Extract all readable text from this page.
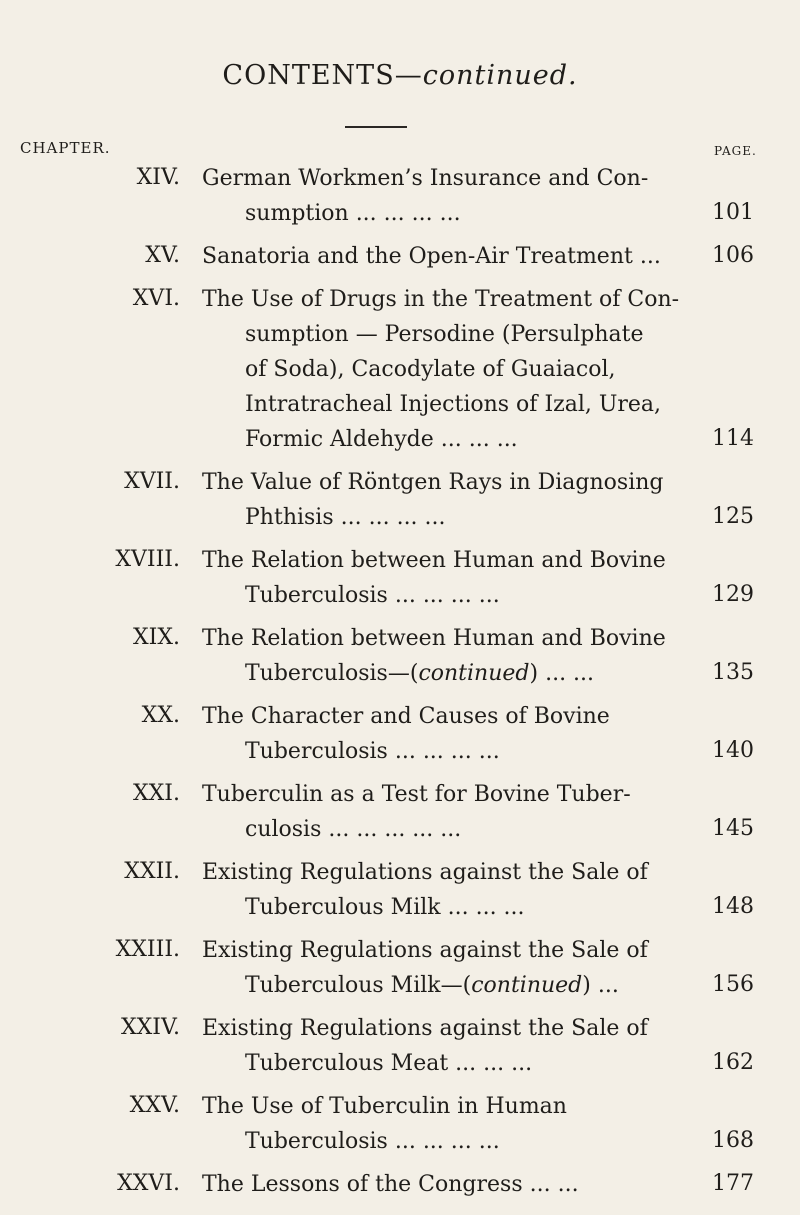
CONTENTS—continued.
CHAPTER.	PAGE.
XIV. German Workmen’s Insurance and Con-
sumption ... ... ... ...	101
XV. Sanatoria and the Open-Air Treatment ...	106
XVI. The Use of Drugs in the Treatment of Con-
sumption — Persodine (Persulphate
of Soda), Cacodylate of Guaiacol,
Intratracheal Injections of Izal, Urea,
Formic Aldehyde ... ... ...	114
XVII. The Value of Röntgen Rays in Diagnosing
Phthisis ... ... ... ...	125
XVIII. The Relation between Human and Bovine
Tuberculosis ... ... ... ...	129
XIX. The Relation between Human and Bovine
Tuberculosis—(continued) ... ...	135
XX. The Character and Causes of Bovine
Tuberculosis ... ... ... ...	140
XXI. Tuberculin as a Test for Bovine Tuber-
culosis ... ... ... ... ...	145
XXII. Existing Regulations against the Sale of
Tuberculous Milk ... ... ...	148
XXIII. Existing Regulations against the Sale of
Tuberculous Milk—(continued) ...	156
XXIV. Existing Regulations against the Sale of
Tuberculous Meat ... ... ...	162
XXV. The Use of Tuberculin in Human
Tuberculosis ... ... ... ...	168
XXVI. The Lessons of the Congress ... ...	177
